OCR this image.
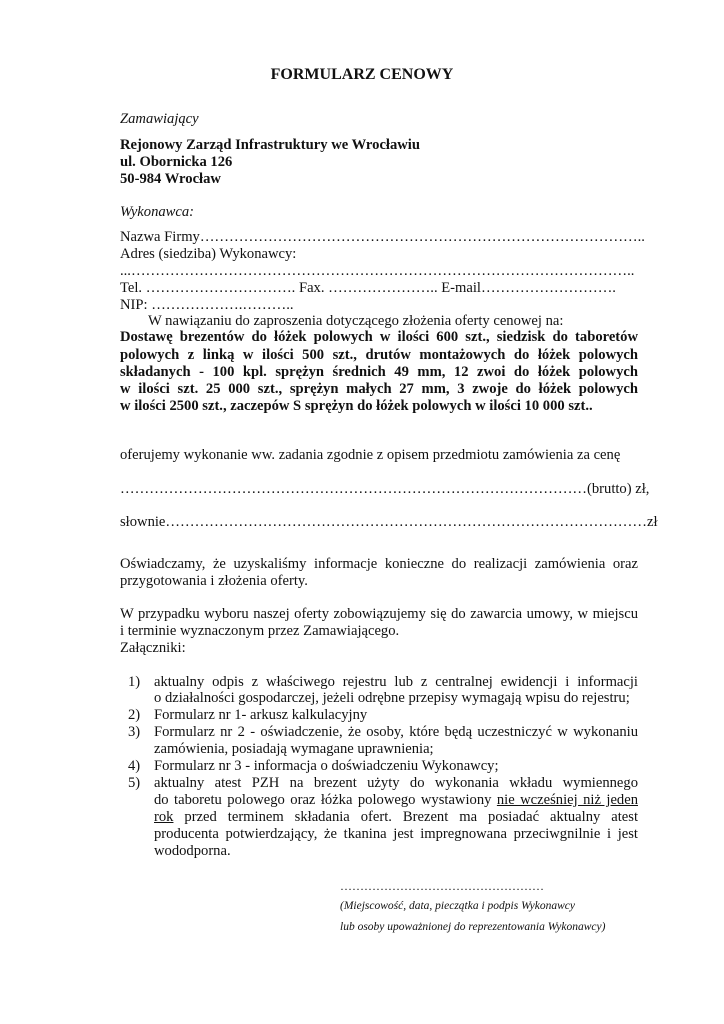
FORMULARZ CENOWY
Zamawiający
Rejonowy Zarząd Infrastruktury we Wrocławiu
ul. Obornicka 126
50-984 Wrocław
Wykonawca:
Nazwa Firmy………………………………………………………………………………..
Adres (siedziba) Wykonawcy:
...…………………………………………………………………………………………..
Tel. …………………………. Fax. ………………….. E-mail……………………….
NIP: ……………….………..
W nawiązaniu do zaproszenia dotyczącego złożenia oferty cenowej na:
Dostawę brezentów do łóżek polowych w ilości 600 szt., siedzisk do taboretów
polowych z linką w ilości 500 szt., drutów montażowych do łóżek polowych
składanych - 100 kpl. sprężyn średnich 49 mm, 12 zwoi do łóżek polowych
w ilości szt. 25 000 szt., sprężyn małych 27 mm, 3 zwoje do łóżek polowych
w ilości 2500 szt., zaczepów S sprężyn do łóżek polowych w ilości 10 000 szt..
oferujemy wykonanie ww. zadania zgodnie z opisem przedmiotu zamówienia za cenę
……………………………………………………………………………………(brutto) zł,
słownie………………………………………………………………………………………zł
Oświadczamy, że uzyskaliśmy informacje konieczne do realizacji zamówienia oraz
przygotowania i złożenia oferty.
W przypadku wyboru naszej oferty zobowiązujemy się do zawarcia umowy, w miejscu
i terminie wyznaczonym przez Zamawiającego.
Załączniki:
1) aktualny odpis z właściwego rejestru lub z centralnej ewidencji i informacji
o działalności gospodarczej, jeżeli odrębne przepisy wymagają wpisu do rejestru;
2) Formularz nr 1- arkusz kalkulacyjny
3) Formularz nr 2 - oświadczenie, że osoby, które będą uczestniczyć w wykonaniu
zamówienia, posiadają wymagane uprawnienia;
4) Formularz nr 3 - informacja o doświadczeniu Wykonawcy;
5) aktualny atest PZH na brezent użyty do wykonania wkładu wymiennego
do taboretu polowego oraz łóżka polowego wystawiony nie wcześniej niż jeden
rok przed terminem składania ofert. Brezent ma posiadać aktualny atest
producenta potwierdzający, że tkanina jest impregnowana przeciwgnilnie i jest
wododporna.
……………………………………………
(Miejscowość, data, pieczątka i podpis Wykonawcy
lub osoby upoważnionej do reprezentowania Wykonawcy)
